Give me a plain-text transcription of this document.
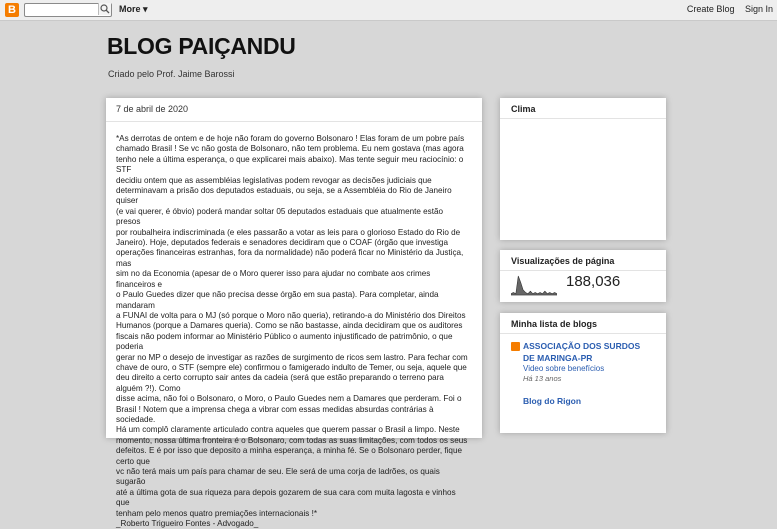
B	More ▾	Create Blog Sign In
BLOG PAIÇANDU
Criado pelo Prof. Jaime Barossi
7 de abril de 2020

*As derrotas de ontem e de hoje não foram do governo Bolsonaro ! Elas foram de um pobre país

chamado Brasil ! Se vc não gosta de Bolsonaro, não tem problema. Eu nem gostava (mas agora

tenho nele a última esperança, o que explicarei mais abaixo). Mas tente seguir meu raciocínio: o STF

decidiu ontem que as assembléias legislativas podem revogar as decisões judiciais que

determinavam a prisão dos deputados estaduais, ou seja, se a Assembléia do Rio de Janeiro quiser

(e vai querer, é óbvio) poderá mandar soltar 05 deputados estaduais que atualmente estão presos

por roubalheira indiscriminada (e eles passarão a votar as leis para o glorioso Estado do Rio de

Janeiro). Hoje, deputados federais e senadores decidiram que o COAF (órgão que investiga

operações financeiras estranhas, fora da normalidade) não poderá ficar no Ministério da Justiça, mas

sim no da Economia (apesar de o Moro querer isso para ajudar no combate aos crimes financeiros e

o Paulo Guedes dizer que não precisa desse órgão em sua pasta). Para completar, ainda mandaram

a FUNAI de volta para o MJ (só porque o Moro não queria), retirando-a do Ministério dos Direitos

Humanos (porque a Damares queria). Como se não bastasse, ainda decidiram que os auditores

fiscais não podem informar ao Ministério Público o aumento injustificado de patrimônio, o que poderia

gerar no MP o desejo de investigar as razões de surgimento de ricos sem lastro. Para fechar com

chave de ouro, o STF (sempre ele) confirmou o famigerado indulto de Temer, ou seja, aquele que

deu direito a certo corrupto sair antes da cadeia (será que estão preparando o terreno para alguém ?!). Como

disse acima, não foi o Bolsonaro, o Moro, o Paulo Guedes nem a Damares que perderam. Foi o

Brasil ! Notem que a imprensa chega a vibrar com essas medidas absurdas contrárias à sociedade.

Há um complô claramente articulado contra aqueles que querem passar o Brasil a limpo. Neste

momento, nossa última fronteira é o Bolsonaro, com todas as suas limitações, com todos os seus

defeitos. E é por isso que deposito a minha esperança, a minha fé. Se o Bolsonaro perder, fique certo que

vc não terá mais um país para chamar de seu. Ele será de uma corja de ladrões, os quais sugarão

até a última gota de sua riqueza para depois gozarem de sua cara com muita lagosta e vinhos que

tenham pelo menos quatro premiações internacionais !*

_Roberto Trigueiro Fontes - Advogado_

Clima
Visualizações de página
188,036
Minha lista de blogs
ASSOCIAÇÃO DOS SURDOS
DE MARINGA-PR
Video sobre benefícios
Há 13 anos
Blog do Rigon
